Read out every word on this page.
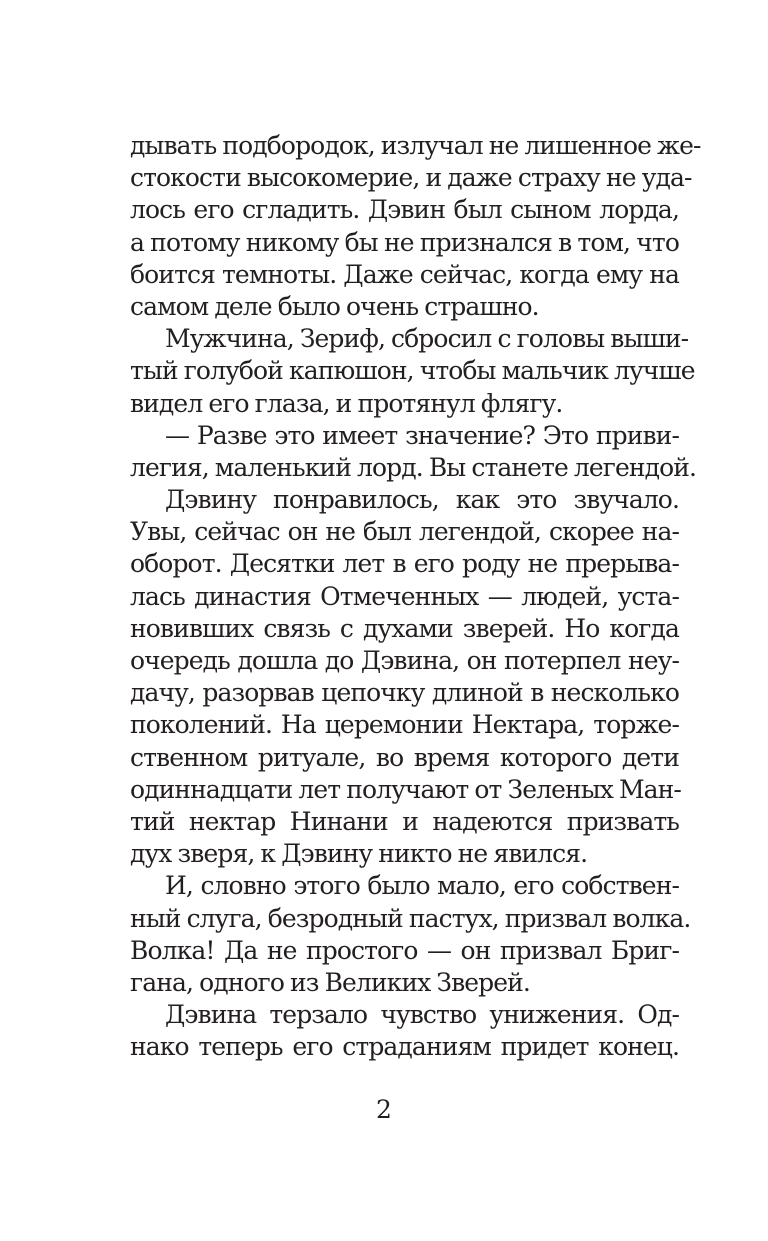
дывать подбородок, излучал не лишенное же-
стокости высокомерие, и даже страху не уда-
лось его сгладить. Дэвин был сыном лорда,
а потому никому бы не признался в том, что
боится темноты. Даже сейчас, когда ему на
самом деле было очень страшно.

Мужчина, Зериф, сбросил с головы выши-
тый голубой капюшон, чтобы мальчик лучше
видел его глаза, и протянул флягу.

— Разве это имеет значение? Это приви-
легия, маленький лорд. Вы станете легендой.

Дэвину понравилось, как это звучало.
Увы, сейчас он не был легендой, скорее на-
оборот. Десятки лет в его роду не прерыва-
лась династия Отмеченных — людей, уста-
новивших связь с духами зверей. Но когда
очередь дошла до Дэвина, он потерпел неу-
дачу, разорвав цепочку длиной в несколько
поколений. На церемонии Нектара, торже-
ственном ритуале, во время которого дети
одиннадцати лет получают от Зеленых Ман-
тий нектар Нинани и надеются призвать
дух зверя, к Дэвину никто не явился.

И, словно этого было мало, его собствен-
ный слуга, безродный пастух, призвал волка.
Волка! Да не простого — он призвал Бриг-
гана, одного из Великих Зверей.

Дэвина терзало чувство унижения. Од-
нако теперь его страданиям придет конец.

2
